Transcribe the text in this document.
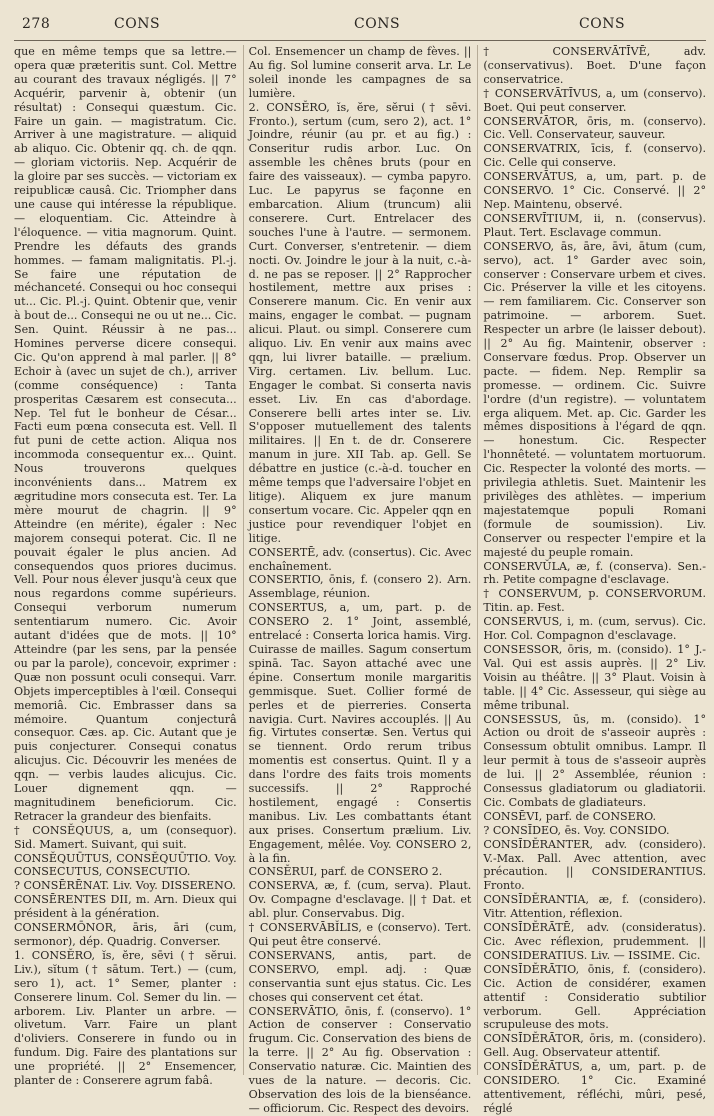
278	CONS	CONS	CONS

que en même temps que sa lettre.— opera quæ præteritis sunt. Col. Mettre au courant des travaux négligés. || 7° Acquérir, parvenir à, obtenir (un résultat) : Consequi quæstum. Cic. Faire un gain. — magistratum. Cic. Arriver à une magistrature. — aliquid ab aliquo. Cic. Obtenir qq. ch. de qqn. — gloriam victoriis. Nep. Acquérir de la gloire par ses succès. — victoriam ex reipublicæ causâ. Cic. Triompher dans une cause qui intéresse la république. — eloquentiam. Cic. Atteindre à l'éloquence. — vitia magnorum. Quint. Prendre les défauts des grands hommes. — famam malignitatis. Pl.-j. Se faire une réputation de méchanceté. Consequi ou hoc consequi ut... Cic. Pl.-j. Quint. Obtenir que, venir à bout de... Consequi ne ou ut ne... Cic. Sen. Quint. Réussir à ne pas... Homines perverse dicere consequi. Cic. Qu'on apprend à mal parler. || 8° Echoir à (avec un sujet de ch.), arriver (comme conséquence) : Tanta prosperitas Cæsarem est consecuta... Nep. Tel fut le bonheur de César... Facti eum pœna consecuta est. Vell. Il fut puni de cette action. Aliqua nos incommoda consequentur ex... Quint. Nous trouverons quelques inconvénients dans... Matrem ex ægritudine mors consecuta est. Ter. La mère mourut de chagrin. || 9° Atteindre (en mérite), égaler : Nec majorem consequi poterat. Cic. Il ne pouvait égaler le plus ancien. Ad consequendos quos priores ducimus. Vell. Pour nous élever jusqu'à ceux que nous regardons comme supérieurs. Consequi verborum numerum sententiarum numero. Cic. Avoir autant d'idées que de mots. || 10° Atteindre (par les sens, par la pensée ou par la parole), concevoir, exprimer : Quæ non possunt oculi consequi. Varr. Objets imperceptibles à l'œil. Consequi memoriâ. Cic. Embrasser dans sa mémoire. Quantum conjecturâ consequor. Cæs. ap. Cic. Autant que je puis conjecturer. Consequi conatus alicujus. Cic. Découvrir les menées de qqn. — verbis laudes alicujus. Cic. Louer dignement qqn. — magnitudinem beneficiorum. Cic. Retracer la grandeur des bienfaits.

† CONSĔQUUS, a, um (consequor). Sid. Mamert. Suivant, qui suit.

CONSĔQUŪTUS, CONSĔQUŪTIO. Voy. CONSECUTUS, CONSECUTIO.

? CONSĒRĒNAT. Liv. Voy. DISSERENO.

CONSĒRENTES DII, m. Arn. Dieux qui président à la génération.

CONSERMŌNOR, āris, āri (cum, sermonor), dép. Quadrig. Converser.

1. CONSĔRO, ĭs, ĕre, sēvi († sĕrui. Liv.), sĭtum († sātum. Tert.) — (cum, sero 1), act. 1° Semer, planter : Conserere linum. Col. Semer du lin. — arborem. Liv. Planter un arbre. — olivetum. Varr. Faire un plant d'oliviers. Conserere in fundo ou in fundum. Dig. Faire des plantations sur une propriété. || 2° Ensemencer, planter de : Conserere agrum fabâ.

Col. Ensemencer un champ de fèves. || Au fig. Sol lumine conserit arva. Lr. Le soleil inonde les campagnes de sa lumière.

2. CONSĔRO, ĭs, ĕre, sĕrui († sēvi. Fronto.), sertum (cum, sero 2), act. 1° Joindre, réunir (au pr. et au fig.) : Conseritur rudis arbor. Luc. On assemble les chênes bruts (pour en faire des vaisseaux). — cymba papyro. Luc. Le papyrus se façonne en embarcation. Alium (truncum) alii conserere. Curt. Entrelacer des souches l'une à l'autre. — sermonem. Curt. Converser, s'entretenir. — diem nocti. Ov. Joindre le jour à la nuit, c.-à-d. ne pas se reposer. || 2° Rapprocher hostilement, mettre aux prises : Conserere manum. Cic. En venir aux mains, engager le combat. — pugnam alicui. Plaut. ou simpl. Conserere cum aliquo. Liv. En venir aux mains avec qqn, lui livrer bataille. — prælium. Virg. certamen. Liv. bellum. Luc. Engager le combat. Si conserta navis esset. Liv. En cas d'abordage. Conserere belli artes inter se. Liv. S'opposer mutuellement des talents militaires. || En t. de dr. Conserere manum in jure. XII Tab. ap. Gell. Se débattre en justice (c.-à-d. toucher en même temps que l'adversaire l'objet en litige). Aliquem ex jure manum consertum vocare. Cic. Appeler qqn en justice pour revendiquer l'objet en litige.

CONSERTĒ, adv. (consertus). Cic. Avec enchaînement.

CONSERTIO, ōnis, f. (consero 2). Arn. Assemblage, réunion.

CONSERTUS, a, um, part. p. de CONSERO 2. 1° Joint, assemblé, entrelacé : Conserta lorica hamis. Virg. Cuirasse de mailles. Sagum consertum spinā. Tac. Sayon attaché avec une épine. Consertum monile margaritis gemmisque. Suet. Collier formé de perles et de pierreries. Conserta navigia. Curt. Navires accouplés. || Au fig. Virtutes consertæ. Sen. Vertus qui se tiennent. Ordo rerum tribus momentis est consertus. Quint. Il y a dans l'ordre des faits trois moments successifs. || 2° Rapproché hostilement, engagé : Consertis manibus. Liv. Les combattants étant aux prises. Consertum prælium. Liv. Engagement, mêlée. Voy. CONSERO 2, à la fin.

CONSĔRUI, parf. de CONSERO 2.

CONSERVA, æ, f. (cum, serva). Plaut. Ov. Compagne d'esclavage. || † Dat. et abl. plur. Conservabus. Dig.

† CONSERVĀBĬLIS, e (conservo). Tert. Qui peut être conservé.

CONSERVANS, antis, part. de CONSERVO, empl. adj. : Quæ conservantia sunt ejus status. Cic. Les choses qui conservent cet état.

CONSERVĀTIO, ōnis, f. (conservo). 1° Action de conserver : Conservatio frugum. Cic. Conservation des biens de la terre. || 2° Au fig. Observation : Conservatio naturæ. Cic. Maintien des vues de la nature. — decoris. Cic. Observation des lois de la bienséance. — officiorum. Cic. Respect des devoirs.

† CONSERVĀTĪVĒ, adv. (conservativus). Boet. D'une façon conservatrice.

† CONSERVĀTĪVUS, a, um (conservo). Boet. Qui peut conserver.

CONSERVĀTOR, ōris, m. (conservo). Cic. Vell. Conservateur, sauveur.

CONSERVATRIX, īcis, f. (conservo). Cic. Celle qui conserve.

CONSERVĀTUS, a, um, part. p. de CONSERVO. 1° Cic. Conservé. || 2° Nep. Maintenu, observé.

CONSERVĪTIUM, ii, n. (conservus). Plaut. Tert. Esclavage commun.

CONSERVO, ās, āre, āvi, ātum (cum, servo), act. 1° Garder avec soin, conserver : Conservare urbem et cives. Cic. Préserver la ville et les citoyens. — rem familiarem. Cic. Conserver son patrimoine. — arborem. Suet. Respecter un arbre (le laisser debout). || 2° Au fig. Maintenir, observer : Conservare fœdus. Prop. Observer un pacte. — fidem. Nep. Remplir sa promesse. — ordinem. Cic. Suivre l'ordre (d'un registre). — voluntatem erga aliquem. Met. ap. Cic. Garder les mêmes dispositions à l'égard de qqn. — honestum. Cic. Respecter l'honnêteté. — voluntatem mortuorum. Cic. Respecter la volonté des morts. — privilegia athletis. Suet. Maintenir les privilèges des athlètes. — imperium majestatemque populi Romani (formule de soumission). Liv. Conserver ou respecter l'empire et la majesté du peuple romain.

CONSERVŬLA, æ, f. (conserva). Sen.-rh. Petite compagne d'esclavage.

† CONSERVUM, p. CONSERVORUM. Titin. ap. Fest.

CONSERVUS, i, m. (cum, servus). Cic. Hor. Col. Compagnon d'esclavage.

CONSESSOR, ōris, m. (consido). 1° J.-Val. Qui est assis auprès. || 2° Liv. Voisin au théâtre. || 3° Plaut. Voisin à table. || 4° Cic. Assesseur, qui siège au même tribunal.

CONSESSUS, ūs, m. (consido). 1° Action ou droit de s'asseoir auprès : Consessum obtulit omnibus. Lampr. Il leur permit à tous de s'asseoir auprès de lui. || 2° Assemblée, réunion : Consessus gladiatorum ou gladiatorii. Cic. Combats de gladiateurs.

CONSĒVI, parf. de CONSERO.

? CONSĪDEO, ēs. Voy. CONSIDO.

CONSĪDĔRANTER, adv. (considero). V.-Max. Pall. Avec attention, avec précaution. || CONSIDERANTIUS. Fronto.

CONSĪDĔRANTIA, æ, f. (considero). Vitr. Attention, réflexion.

CONSĪDĔRĀTĒ, adv. (consideratus). Cic. Avec réflexion, prudemment. || CONSIDERATIUS. Liv. — ISSIME. Cic.

CONSĪDĔRĀTIO, ōnis, f. (considero). Cic. Action de considérer, examen attentif : Consideratio subtilior verborum. Gell. Appréciation scrupuleuse des mots.

CONSĪDĔRĀTOR, ōris, m. (considero). Gell. Aug. Observateur attentif.

CONSĪDĔRĀTUS, a, um, part. p. de CONSIDERO. 1° Cic. Examiné attentivement, réfléchi, mûri, pesé, réglé
